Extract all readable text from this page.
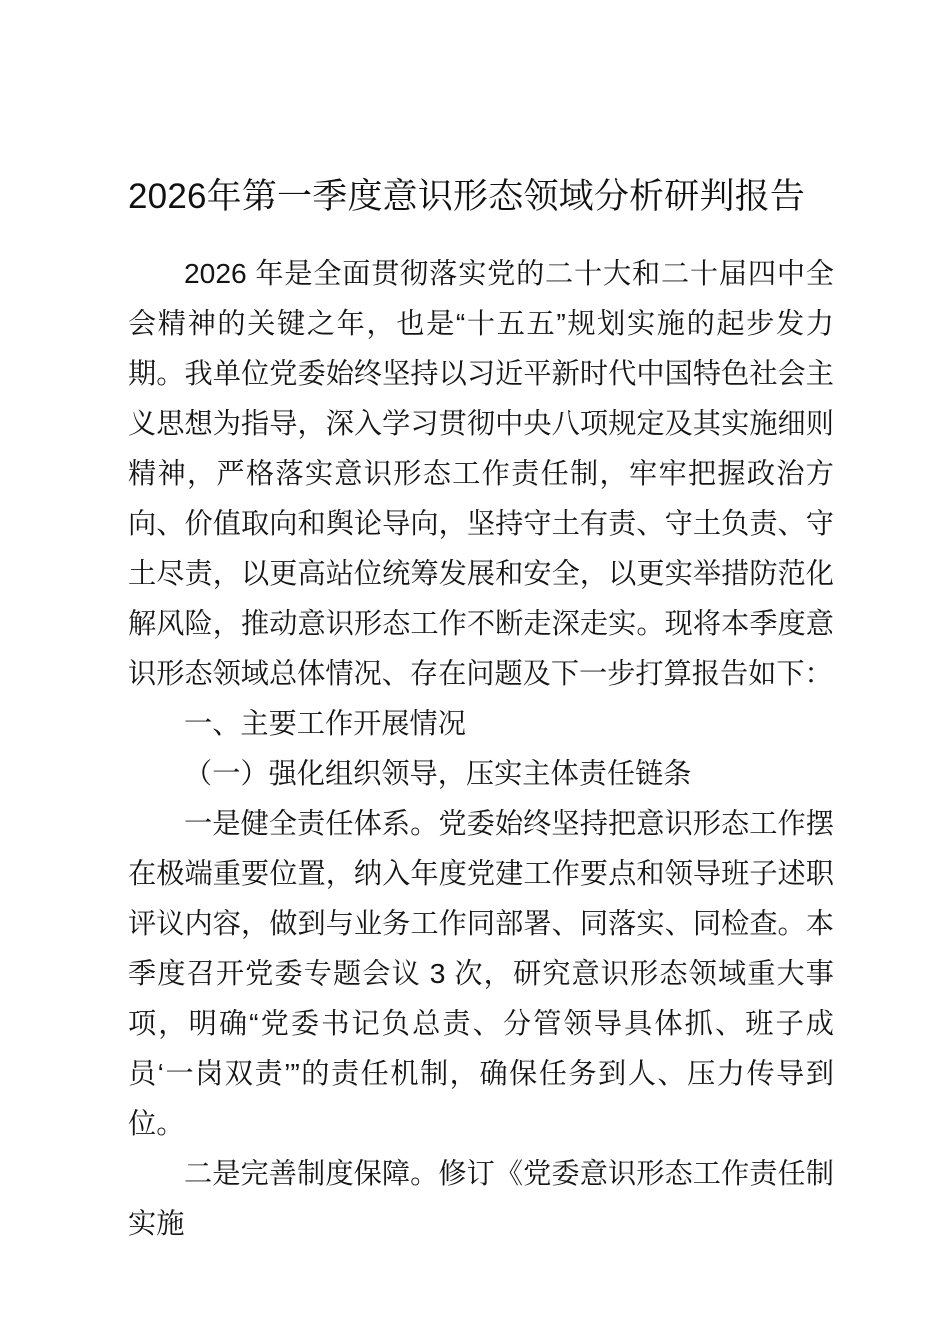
2026年第一季度意识形态领域分析研判报告

2026 年是全面贯彻落实党的二十大和二十届四中全会精神的关键之年，也是“十五五”规划实施的起步发力期。我单位党委始终坚持以习近平新时代中国特色社会主义思想为指导，深入学习贯彻中央八项规定及其实施细则精神，严格落实意识形态工作责任制，牢牢把握政治方向、价值取向和舆论导向，坚持守土有责、守土负责、守土尽责，以更高站位统筹发展和安全，以更实举措防范化解风险，推动意识形态工作不断走深走实。现将本季度意识形态领域总体情况、存在问题及下一步打算报告如下：

一、主要工作开展情况

（一）强化组织领导，压实主体责任链条

一是健全责任体系。党委始终坚持把意识形态工作摆在极端重要位置，纳入年度党建工作要点和领导班子述职评议内容，做到与业务工作同部署、同落实、同检查。本季度召开党委专题会议 3 次，研究意识形态领域重大事项，明确“党委书记负总责、分管领导具体抓、班子成员‘一岗双责’”的责任机制，确保任务到人、压力传导到位。

二是完善制度保障。修订《党委意识形态工作责任制实施
